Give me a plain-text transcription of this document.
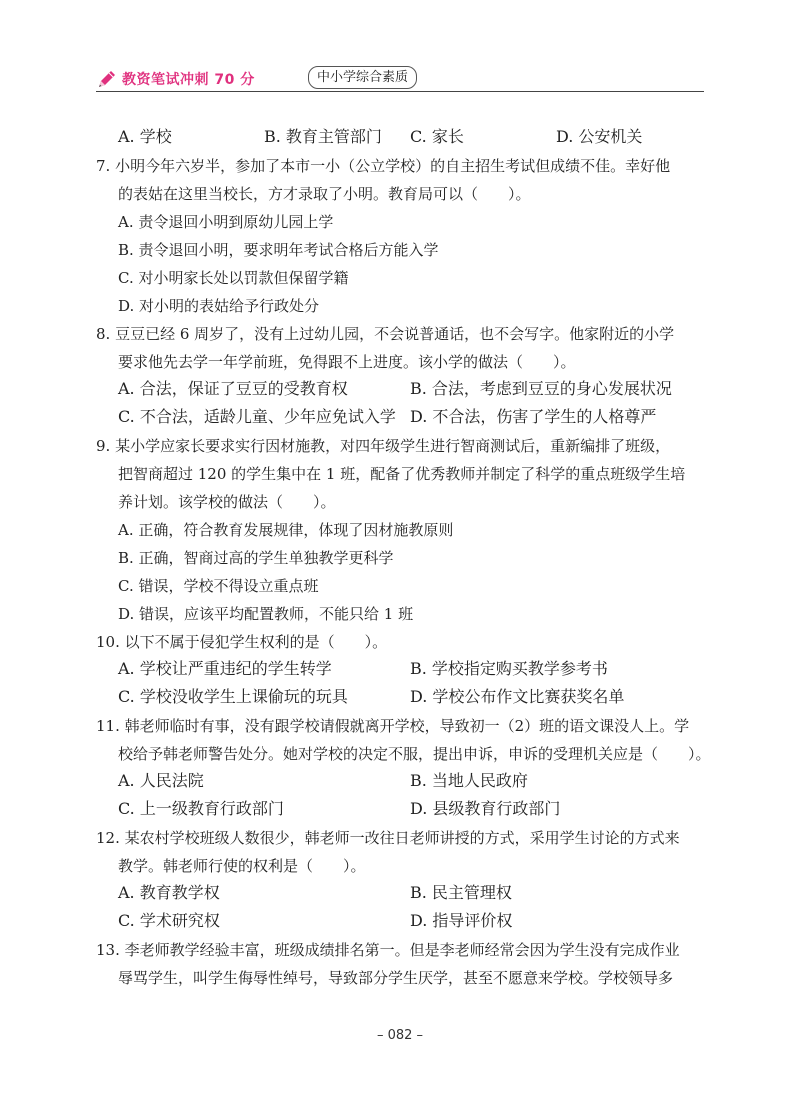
教资笔试冲刺 70 分	中小学综合素质
A. 学校	B. 教育主管部门 C. 家长	D. 公安机关
7. 小明今年六岁半，参加了本市一小（公立学校）的自主招生考试但成绩不佳。幸好他
的表姑在这里当校长，方才录取了小明。教育局可以（　　）。
A. 责令退回小明到原幼儿园上学
B. 责令退回小明，要求明年考试合格后方能入学
C. 对小明家长处以罚款但保留学籍
D. 对小明的表姑给予行政处分
8. 豆豆已经 6 周岁了，没有上过幼儿园，不会说普通话，也不会写字。他家附近的小学
要求他先去学一年学前班，免得跟不上进度。该小学的做法（　　）。
A. 合法，保证了豆豆的受教育权	B. 合法，考虑到豆豆的身心发展状况
C. 不合法，适龄儿童、少年应免试入学 D. 不合法，伤害了学生的人格尊严
9. 某小学应家长要求实行因材施教，对四年级学生进行智商测试后，重新编排了班级，
把智商超过 120 的学生集中在 1 班，配备了优秀教师并制定了科学的重点班级学生培
养计划。该学校的做法（　　）。
A. 正确，符合教育发展规律，体现了因材施教原则
B. 正确，智商过高的学生单独教学更科学
C. 错误，学校不得设立重点班
D. 错误，应该平均配置教师，不能只给 1 班
10. 以下不属于侵犯学生权利的是（　　）。
A. 学校让严重违纪的学生转学	B. 学校指定购买教学参考书
C. 学校没收学生上课偷玩的玩具	D. 学校公布作文比赛获奖名单
11. 韩老师临时有事，没有跟学校请假就离开学校，导致初一（2）班的语文课没人上。学
校给予韩老师警告处分。她对学校的决定不服，提出申诉，申诉的受理机关应是（　　）。
A. 人民法院	B. 当地人民政府
C. 上一级教育行政部门	D. 县级教育行政部门
12. 某农村学校班级人数很少，韩老师一改往日老师讲授的方式，采用学生讨论的方式来
教学。韩老师行使的权利是（　　）。
A. 教育教学权	B. 民主管理权
C. 学术研究权	D. 指导评价权
13. 李老师教学经验丰富，班级成绩排名第一。但是李老师经常会因为学生没有完成作业
辱骂学生，叫学生侮辱性绰号，导致部分学生厌学，甚至不愿意来学校。学校领导多
– 082 –
